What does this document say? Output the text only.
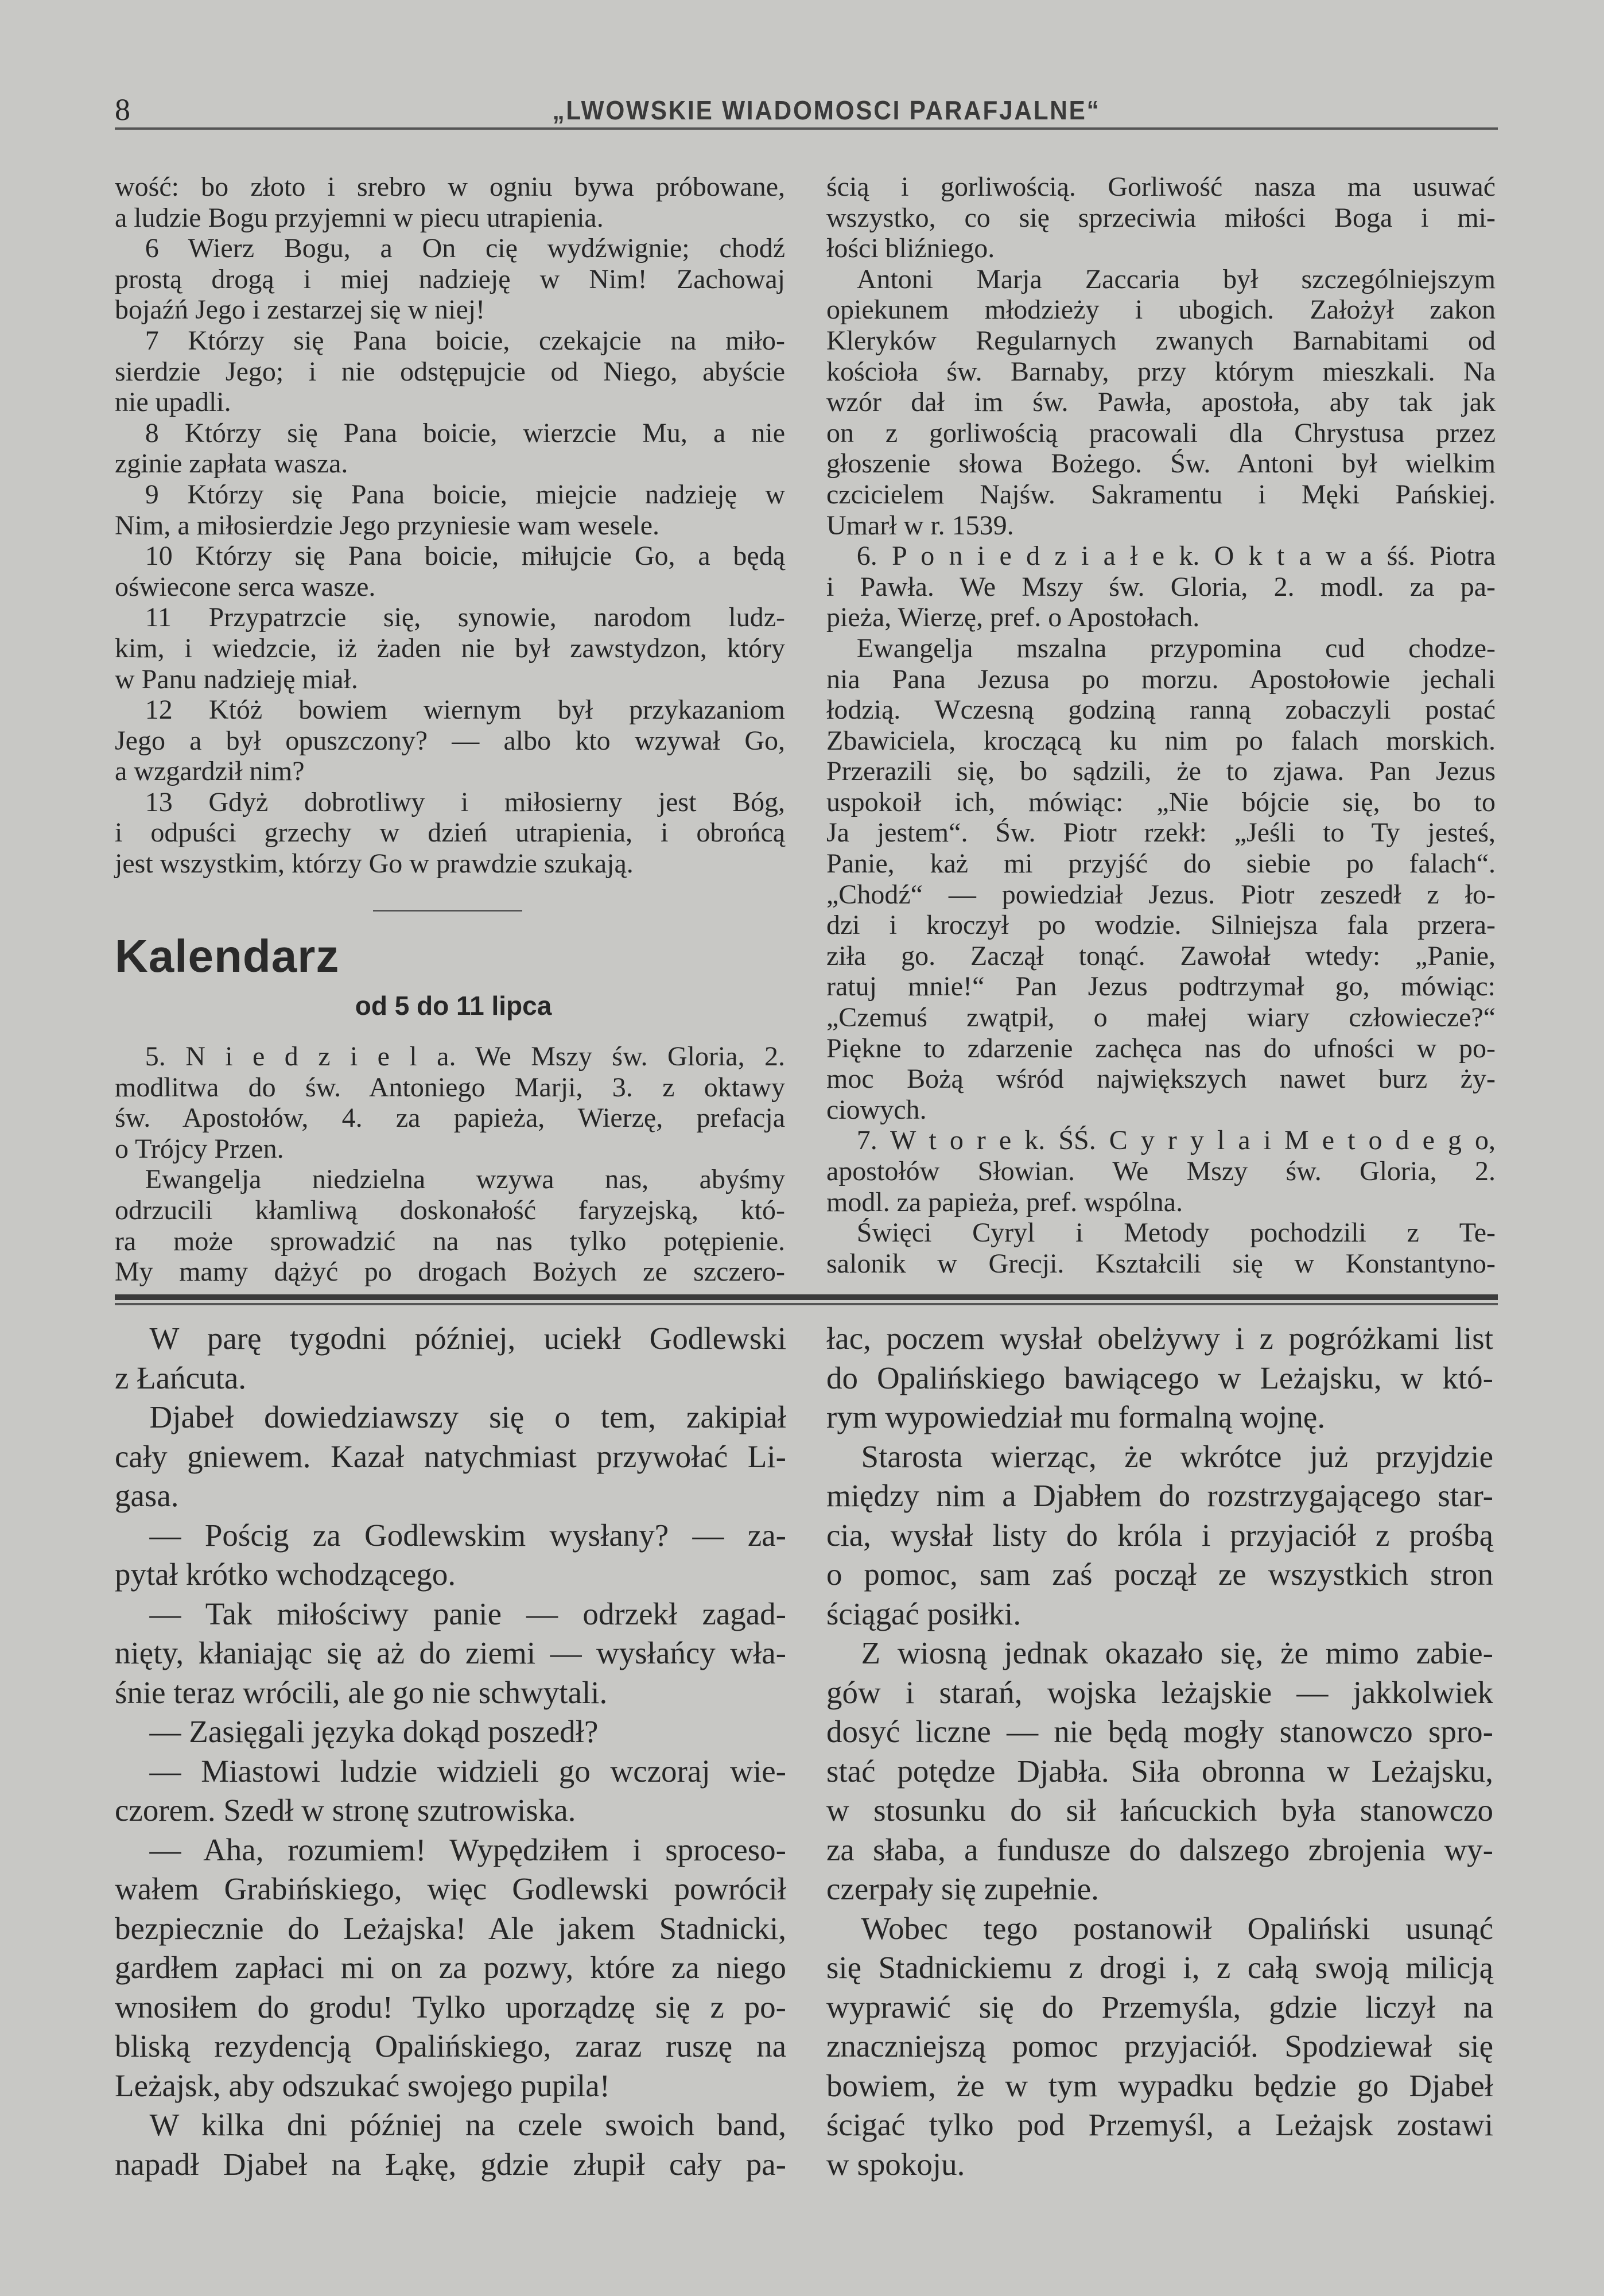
8	„LWOWSKIE WIADOMOSCI PARAFJALNE“
wość: bo złoto i srebro w ogniu bywa próbowane,
a ludzie Bogu przyjemni w piecu utrapienia.
6 Wierz Bogu, a On cię wydźwignie; chodź
prostą drogą i miej nadzieję w Nim! Zachowaj
bojaźń Jego i zestarzej się w niej!
7 Którzy się Pana boicie, czekajcie na miło-
sierdzie Jego; i nie odstępujcie od Niego, abyście
nie upadli.
8 Którzy się Pana boicie, wierzcie Mu, a nie
zginie zapłata wasza.
9 Którzy się Pana boicie, miejcie nadzieję w
Nim, a miłosierdzie Jego przyniesie wam wesele.
10 Którzy się Pana boicie, miłujcie Go, a będą
oświecone serca wasze.
11 Przypatrzcie się, synowie, narodom ludz-
kim, i wiedzcie, iż żaden nie był zawstydzon, który
w Panu nadzieję miał.
12 Któż bowiem wiernym był przykazaniom
Jego a był opuszczony? — albo kto wzywał Go,
a wzgardził nim?
13 Gdyż dobrotliwy i miłosierny jest Bóg,
i odpuści grzechy w dzień utrapienia, i obrońcą
jest wszystkim, którzy Go w prawdzie szukają.
Kalendarz
od 5 do 11 lipca
5. N i e d z i e l a. We Mszy św. Gloria, 2.
modlitwa do św. Antoniego Marji, 3. z oktawy
św. Apostołów, 4. za papieża, Wierzę, prefacja
o Trójcy Przen.
Ewangelja niedzielna wzywa nas, abyśmy
odrzucili kłamliwą doskonałość faryzejską, któ-
ra może sprowadzić na nas tylko potępienie.
My mamy dążyć po drogach Bożych ze szczero-
ścią i gorliwością. Gorliwość nasza ma usuwać
wszystko, co się sprzeciwia miłości Boga i mi-
łości bliźniego.
Antoni Marja Zaccaria był szczególniejszym
opiekunem młodzieży i ubogich. Założył zakon
Kleryków Regularnych zwanych Barnabitami od
kościoła św. Barnaby, przy którym mieszkali. Na
wzór dał im św. Pawła, apostoła, aby tak jak
on z gorliwością pracowali dla Chrystusa przez
głoszenie słowa Bożego. Św. Antoni był wielkim
czcicielem Najśw. Sakramentu i Męki Pańskiej.
Umarł w r. 1539.
6. P o n i e d z i a ł e k. O k t a w a śś. Piotra
i Pawła. We Mszy św. Gloria, 2. modl. za pa-
pieża, Wierzę, pref. o Apostołach.
Ewangelja mszalna przypomina cud chodze-
nia Pana Jezusa po morzu. Apostołowie jechali
łodzią. Wczesną godziną ranną zobaczyli postać
Zbawiciela, kroczącą ku nim po falach morskich.
Przerazili się, bo sądzili, że to zjawa. Pan Jezus
uspokoił ich, mówiąc: „Nie bójcie się, bo to
Ja jestem“. Św. Piotr rzekł: „Jeśli to Ty jesteś,
Panie, każ mi przyjść do siebie po falach“.
„Chodź“ — powiedział Jezus. Piotr zeszedł z ło-
dzi i kroczył po wodzie. Silniejsza fala przera-
ziła go. Zaczął tonąć. Zawołał wtedy: „Panie,
ratuj mnie!“ Pan Jezus podtrzymał go, mówiąc:
„Czemuś zwątpił, o małej wiary człowiecze?“
Piękne to zdarzenie zachęca nas do ufności w po-
moc Bożą wśród największych nawet burz ży-
ciowych.
7. W t o r e k. ŚŚ. C y r y l a i M e t o d e g o,
apostołów Słowian. We Mszy św. Gloria, 2.
modl. za papieża, pref. wspólna.
Święci Cyryl i Metody pochodzili z Te-
salonik w Grecji. Kształcili się w Konstantyno-
W parę tygodni później, uciekł Godlewski
z Łańcuta.
Djabeł dowiedziawszy się o tem, zakipiał
cały gniewem. Kazał natychmiast przywołać Li-
gasa.
— Pościg za Godlewskim wysłany? — za-
pytał krótko wchodzącego.
— Tak miłościwy panie — odrzekł zagad-
nięty, kłaniając się aż do ziemi — wysłańcy wła-
śnie teraz wrócili, ale go nie schwytali.
— Zasięgali języka dokąd poszedł?
— Miastowi ludzie widzieli go wczoraj wie-
czorem. Szedł w stronę szutrowiska.
— Aha, rozumiem! Wypędziłem i sproceso-
wałem Grabińskiego, więc Godlewski powrócił
bezpiecznie do Leżajska! Ale jakem Stadnicki,
gardłem zapłaci mi on za pozwy, które za niego
wnosiłem do grodu! Tylko uporządzę się z po-
bliską rezydencją Opalińskiego, zaraz ruszę na
Leżajsk, aby odszukać swojego pupila!
W kilka dni później na czele swoich band,
napadł Djabeł na Łąkę, gdzie złupił cały pa-
łac, poczem wysłał obelżywy i z pogróżkami list
do Opalińskiego bawiącego w Leżajsku, w któ-
rym wypowiedział mu formalną wojnę.
Starosta wierząc, że wkrótce już przyjdzie
między nim a Djabłem do rozstrzygającego star-
cia, wysłał listy do króla i przyjaciół z prośbą
o pomoc, sam zaś począł ze wszystkich stron
ściągać posiłki.
Z wiosną jednak okazało się, że mimo zabie-
gów i starań, wojska leżajskie — jakkolwiek
dosyć liczne — nie będą mogły stanowczo spro-
stać potędze Djabła. Siła obronna w Leżajsku,
w stosunku do sił łańcuckich była stanowczo
za słaba, a fundusze do dalszego zbrojenia wy-
czerpały się zupełnie.
Wobec tego postanowił Opaliński usunąć
się Stadnickiemu z drogi i, z całą swoją milicją
wyprawić się do Przemyśla, gdzie liczył na
znaczniejszą pomoc przyjaciół. Spodziewał się
bowiem, że w tym wypadku będzie go Djabeł
ścigać tylko pod Przemyśl, a Leżajsk zostawi
w spokoju.
